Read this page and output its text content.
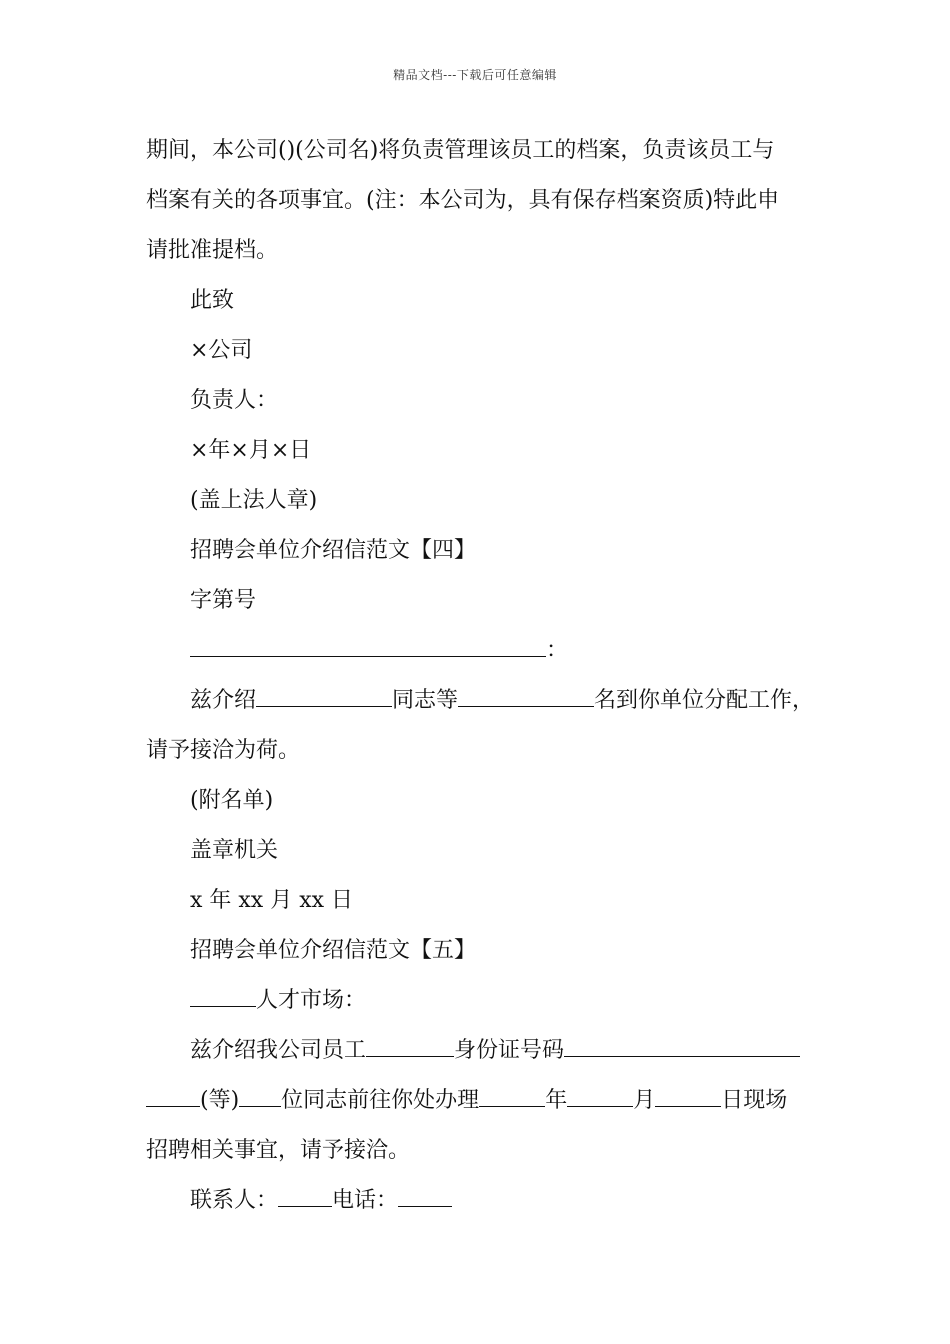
精品文档---下载后可任意编辑
期间，本公司()(公司名)将负责管理该员工的档案，负责该员工与
档案有关的各项事宜。(注：本公司为，具有保存档案资质)特此申
请批准提档。
此致
×公司
负责人：
×年×月×日
(盖上法人章)
招聘会单位介绍信范文【四】
字第号
：
兹介绍	同志等	名到你单位分配工作，
请予接洽为荷。
(附名单)
盖章机关
x 年 xx 月 xx 日
招聘会单位介绍信范文【五】
人才市场：
兹介绍我公司员工	身份证号码
(等) 位同志前往你处办理	年	月	日现场
招聘相关事宜，请予接洽。
联系人： 电话：
